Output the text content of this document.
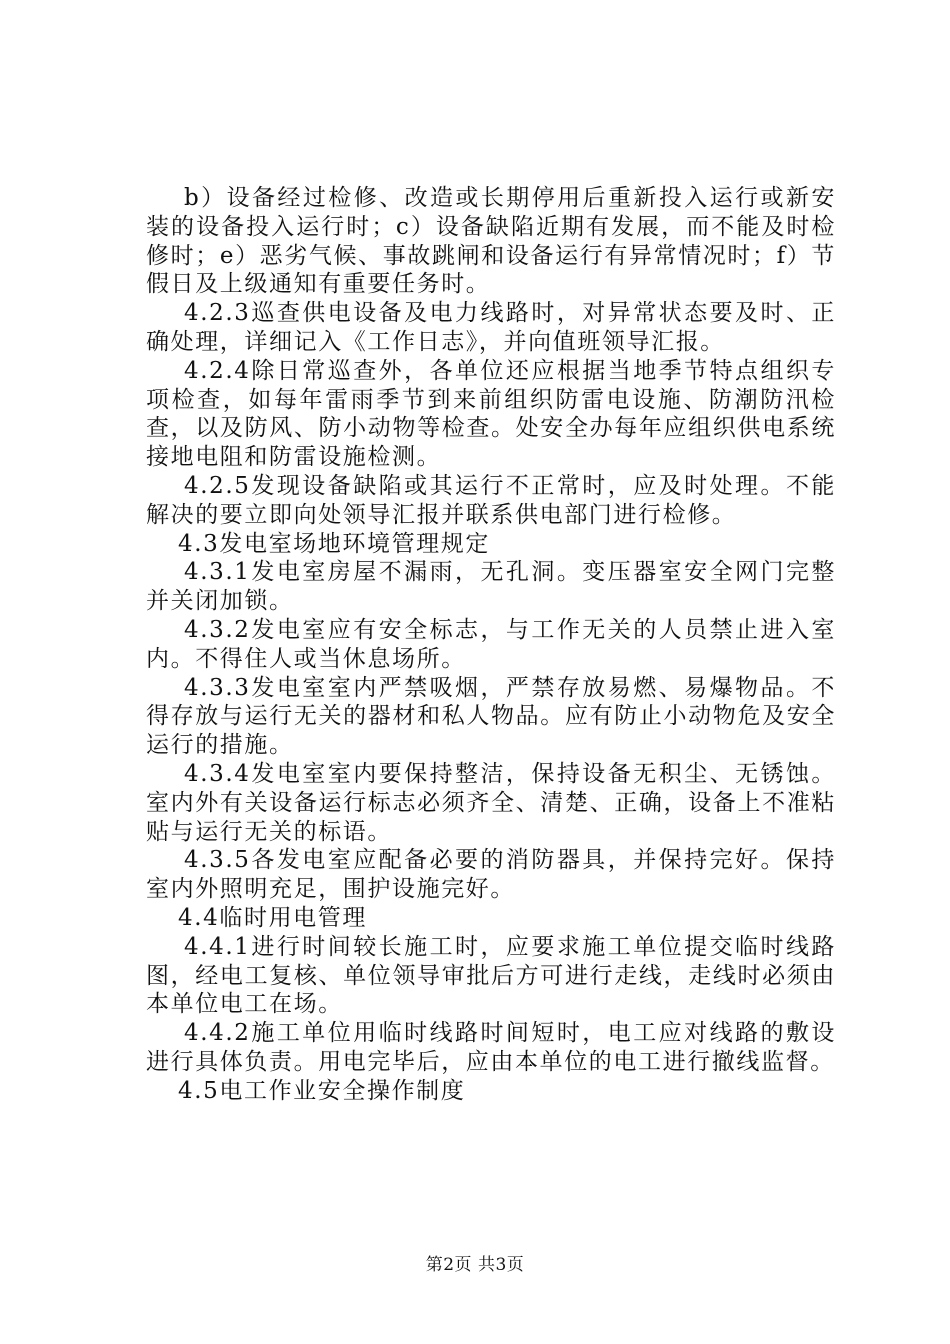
b）设备经过检修、改造或长期停用后重新投入运行或新安装的设备投入运行时；c）设备缺陷近期有发展，而不能及时检修时；e）恶劣气候、事故跳闸和设备运行有异常情况时；f）节假日及上级通知有重要任务时。

4.2.3巡查供电设备及电力线路时，对异常状态要及时、正确处理，详细记入《工作日志》，并向值班领导汇报。

4.2.4除日常巡查外，各单位还应根据当地季节特点组织专项检查，如每年雷雨季节到来前组织防雷电设施、防潮防汛检查，以及防风、防小动物等检查。处安全办每年应组织供电系统接地电阻和防雷设施检测。

4.2.5发现设备缺陷或其运行不正常时，应及时处理。不能解决的要立即向处领导汇报并联系供电部门进行检修。

4.3发电室场地环境管理规定

4.3.1发电室房屋不漏雨，无孔洞。变压器室安全网门完整并关闭加锁。

4.3.2发电室应有安全标志，与工作无关的人员禁止进入室内。不得住人或当休息场所。

4.3.3发电室室内严禁吸烟，严禁存放易燃、易爆物品。不得存放与运行无关的器材和私人物品。应有防止小动物危及安全运行的措施。

4.3.4发电室室内要保持整洁，保持设备无积尘、无锈蚀。室内外有关设备运行标志必须齐全、清楚、正确，设备上不准粘贴与运行无关的标语。

4.3.5各发电室应配备必要的消防器具，并保持完好。保持室内外照明充足，围护设施完好。

4.4临时用电管理

4.4.1进行时间较长施工时，应要求施工单位提交临时线路图，经电工复核、单位领导审批后方可进行走线，走线时必须由本单位电工在场。

4.4.2施工单位用临时线路时间短时，电工应对线路的敷设进行具体负责。用电完毕后，应由本单位的电工进行撤线监督。

4.5电工作业安全操作制度

第2页 共3页
